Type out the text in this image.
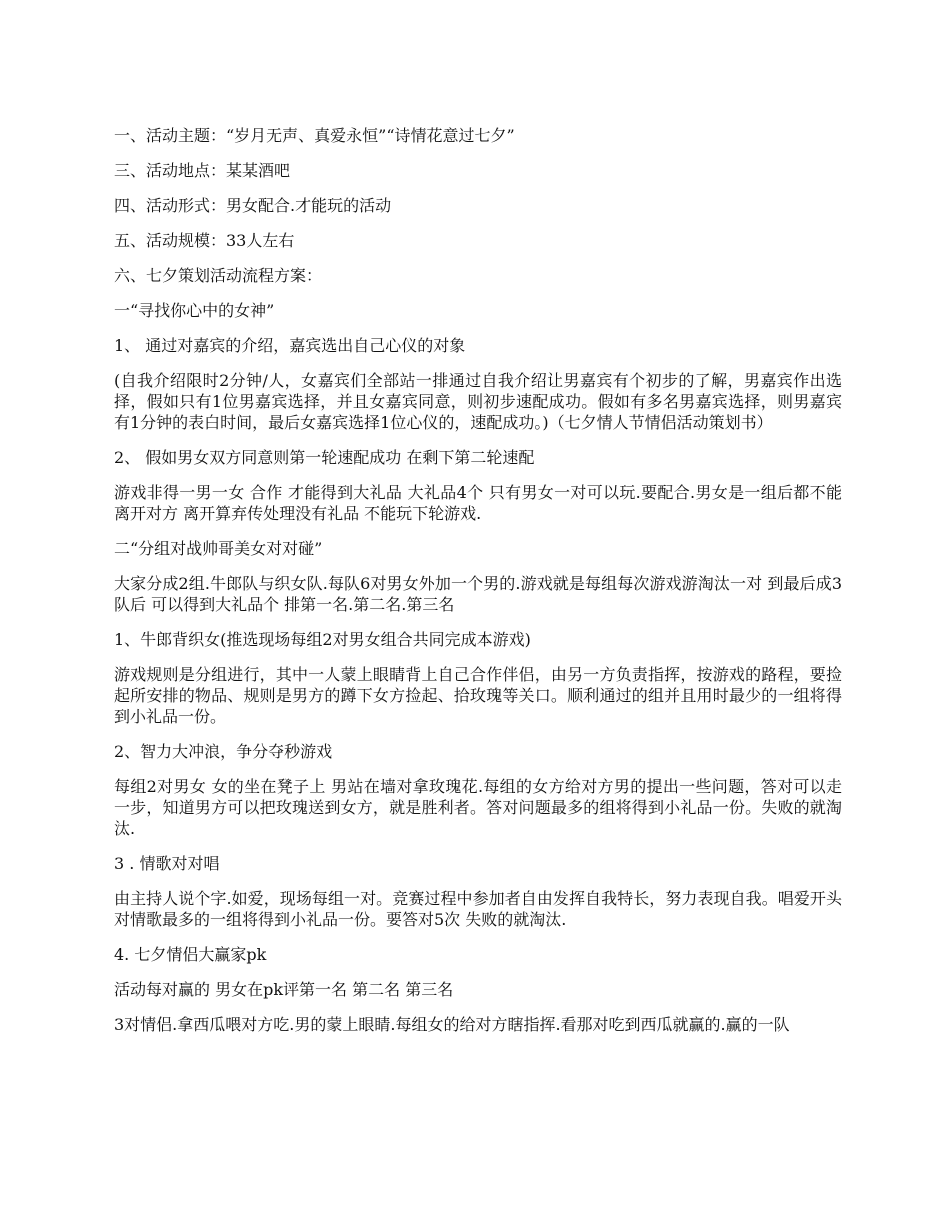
一、活动主题：“岁月无声、真爱永恒”“诗情花意过七夕”

三、活动地点：某某酒吧

四、活动形式：男女配合.才能玩的活动

五、活动规模：33人左右

六、七夕策划活动流程方案：

一“寻找你心中的女神”

1、 通过对嘉宾的介绍，嘉宾选出自己心仪的对象

(自我介绍限时2分钟/人，女嘉宾们全部站一排通过自我介绍让男嘉宾有个初步的了解，男嘉宾作出选择，假如只有1位男嘉宾选择，并且女嘉宾同意，则初步速配成功。假如有多名男嘉宾选择，则男嘉宾有1分钟的表白时间，最后女嘉宾选择1位心仪的，速配成功。)（七夕情人节情侣活动策划书）

2、 假如男女双方同意则第一轮速配成功 在剩下第二轮速配

游戏非得一男一女 合作 才能得到大礼品 大礼品4个 只有男女一对可以玩.要配合.男女是一组后都不能离开对方 离开算弃传处理没有礼品 不能玩下轮游戏.

二“分组对战帅哥美女对对碰”

大家分成2组.牛郎队与织女队.每队6对男女外加一个男的.游戏就是每组每次游戏游淘汰一对 到最后成3队后 可以得到大礼品个 排第一名.第二名.第三名

1、牛郎背织女(推选现场每组2对男女组合共同完成本游戏)

游戏规则是分组进行，其中一人蒙上眼睛背上自己合作伴侣，由另一方负责指挥，按游戏的路程，要捡起所安排的物品、规则是男方的蹲下女方捡起、拾玫瑰等关口。顺利通过的组并且用时最少的一组将得到小礼品一份。

2、智力大冲浪，争分夺秒游戏

每组2对男女 女的坐在凳子上 男站在墙对拿玫瑰花.每组的女方给对方男的提出一些问题，答对可以走一步，知道男方可以把玫瑰送到女方，就是胜利者。答对问题最多的组将得到小礼品一份。失败的就淘汰.

3 . 情歌对对唱

由主持人说个字.如爱，现场每组一对。竞赛过程中参加者自由发挥自我特长，努力表现自我。唱爱开头对情歌最多的一组将得到小礼品一份。要答对5次 失败的就淘汰.

4. 七夕情侣大赢家pk

活动每对赢的 男女在pk评第一名 第二名 第三名

3对情侣.拿西瓜喂对方吃.男的蒙上眼睛.每组女的给对方瞎指挥.看那对吃到西瓜就赢的.赢的一队
